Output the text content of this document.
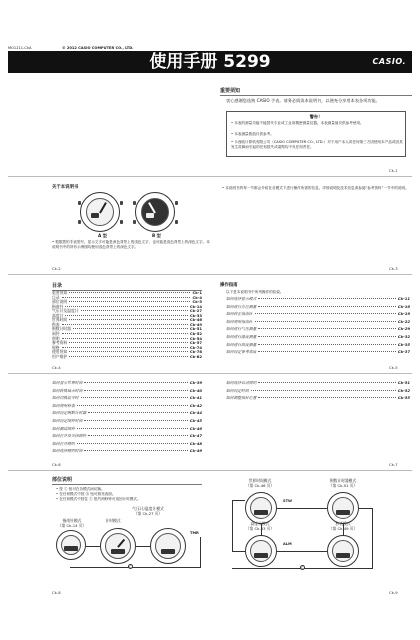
MO1211-CkA	© 2012 CASIO COMPUTER CO., LTD.
使用手册 5299	CASIO.
重要须知
衷心感谢您选购 CASIO 手表。请务必阅读本说明书，以便充分享用本表各项功能。
警告！
• 本表的测量功能不能替代专业或工业用精密测量仪器。本表测量值仅供参考使用。
• 本表测量数值仅供参考。
• 卡西欧计算机有限公司（CASIO COMPUTER CO., LTD.）对于用户本人或任何第三方因使用本产品或因其发生故障而引起的任何损失或索赔均不负任何责任。
Ck-1
关于本说明书
A 型	B 型
• 根据您的手表型号，显示文字可能是深色背景上的浅色文字，也可能是浅色背景上的深色文字。本说明书中的所有示例图均使用浅色背景上的深色文字。
• 本说明书的每一节都会介绍在各模式下进行操作所需的信息。详细说明及技术信息请参阅“参考资料”一节中的说明。
Ck-2	Ck-3
目录
重要须知	Ck-1
目录	Ck-4
部位说明	Ck-5
指南针	Ck-14
气压计及温度计	Ck-27
高度计	Ck-33
世界时间	Ck-46
秒表	Ck-49
倒数计时器	Ck-51
闹铃	Ck-52
照明	Ck-54
参考资料	Ck-57
规格	Ck-74
使用须知	Ck-78
用户维护	Ck-82
Ck-4
操作指南
以下是本说明书中所列操作的检索。
如何选择显示模式	Ck-11
如何进行方位测量	Ck-16
如何校正指南针	Ck-19
如何使用指南针	Ck-22
如何进行气压测量	Ck-29
如何进行温度测量	Ck-32
如何进行高度测量	Ck-35
如何设定参考高度	Ck-37
Ck-5
如何显示世界时间	Ck-39
如何转换城市时间	Ck-40
如何切换夏令时	Ck-41
如何使用秒表	Ck-42
如何设定倒数计时器	Ck-44
如何设定闹铃时间	Ck-45
如何测试闹铃	Ck-46
如何打开及关闭闹铃	Ck-47
如何打开照明	Ck-48
如何选择照明时间	Ck-49
如何选择自动照明	Ck-51
如何设定时间	Ck-52
如何调整指针位置	Ck-55
Ck-6	Ck-7
部位说明
• 按 Ⓒ 钮可在各模式间切换。
• 在任何模式中按 Ⓑ 钮可照亮表面。
• 在任何模式中按住 Ⓒ 钮约两秒钟可返回计时模式。
气压计/温度计模式
（第 Ck-27 页）
指南针模式
（第 Ck-14 页）
计时模式
TMR
C
Ck-8
世界时间模式
（第 Ck-46 页）
倒数计时器模式
（第 Ck-51 页）
STW
高度计模式
（第 Ck-33 页）
秒表模式
（第 Ck-49 页）
ALM
C
Ck-9
